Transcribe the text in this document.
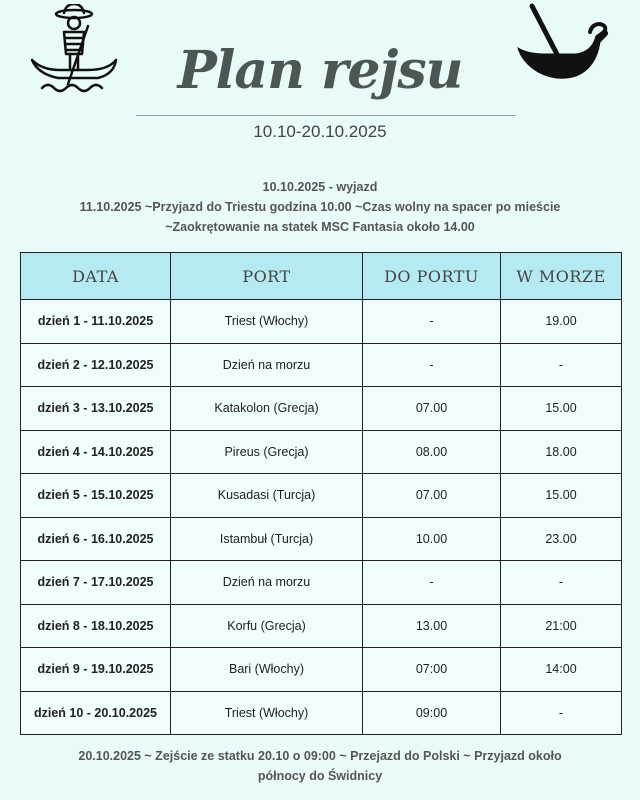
Plan rejsu
10.10-20.10.2025
10.10.2025 - wyjazd
11.10.2025 ~Przyjazd do Triestu godzina 10.00 ~Czas wolny na spacer po mieście
~Zaokrętowanie na statek MSC Fantasia około 14.00
DATA	PORT	DO PORTU	W MORZE
dzień 1 - 11.10.2025	Triest (Włochy)	-	19.00
dzień 2 - 12.10.2025	Dzień na morzu	-	-
dzień 3 - 13.10.2025	Katakolon (Grecja)	07.00	15.00
dzień 4 - 14.10.2025	Pireus (Grecja)	08.00	18.00
dzień 5 - 15.10.2025	Kusadasi (Turcja)	07.00	15.00
dzień 6 - 16.10.2025	Istambuł (Turcja)	10.00	23.00
dzień 7 - 17.10.2025	Dzień na morzu	-	-
dzień 8 - 18.10.2025	Korfu (Grecja)	13.00	21:00
dzień 9 - 19.10.2025	Bari (Włochy)	07:00	14:00
dzień 10 - 20.10.2025	Triest (Włochy)	09:00	-
20.10.2025 ~ Zejście ze statku 20.10 o 09:00 ~ Przejazd do Polski ~ Przyjazd około
północy do Świdnicy
